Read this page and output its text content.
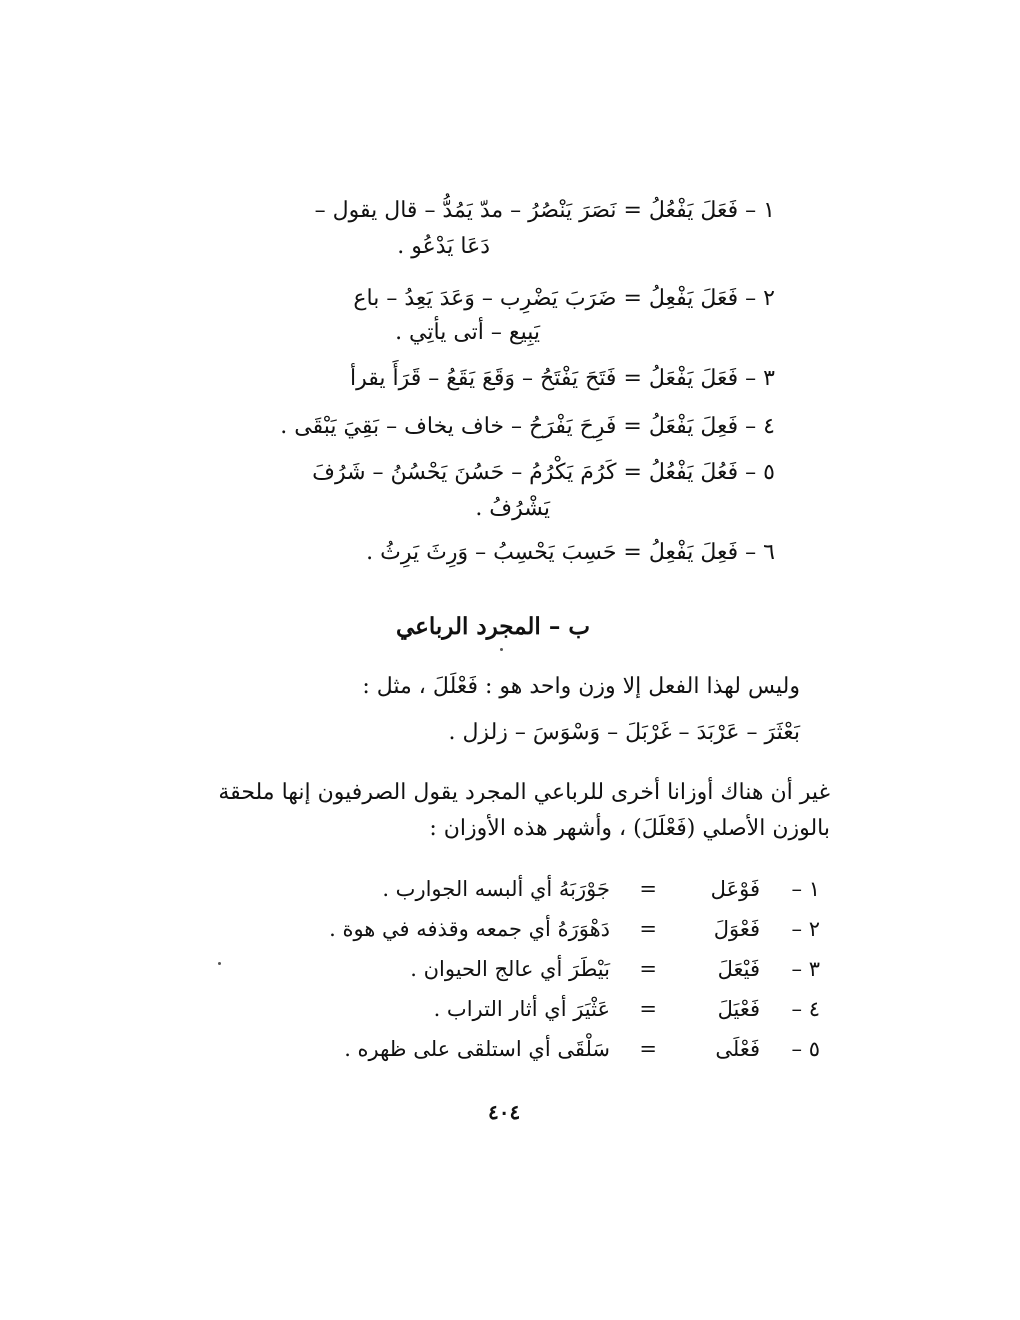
١ – فَعَلَ يَفْعُلُ = نَصَرَ يَنْصُرُ – مدّ يَمُدُّ – قال يقول –
دَعَا يَدْعُو .
٢ – فَعَلَ يَفْعِلُ = ضَرَبَ يَضْرِب – وَعَدَ يَعِدُ – باع
يَبِيع – أتى يأتِي .
٣ – فَعَلَ يَفْعَلُ = فَتَحَ يَفْتَحُ – وَقَعَ يَقَعُ – قَرَأَ يقرأ
٤ – فَعِلَ يَفْعَلُ = فَرِحَ يَفْرَحُ – خاف يخاف – بَقِيَ يَبْقَى .
٥ – فَعُلَ يَفْعُلُ = كَرُمَ يَكْرُمُ – حَسُنَ يَحْسُنُ – شَرُفَ
يَشْرُفُ .
٦ – فَعِلَ يَفْعِلُ = حَسِبَ يَحْسِبُ – وَرِثَ يَرِثُ .
ب – المجرد الرباعي
وليس لهذا الفعل إلا وزن واحد هو : فَعْلَلَ ، مثل :
بَعْثَرَ – عَرْبَدَ – غَرْبَلَ – وَسْوَسَ – زلزل .
غير أن هناك أوزانا أخرى للرباعي المجرد يقول الصرفيون إنها ملحقة
بالوزن الأصلي (فَعْلَلَ) ، وأشهر هذه الأوزان :
١ –
فَوْعَل
=
جَوْرَبَهُ أي ألبسه الجوارب .
٢ –
فَعْوَلَ
=
دَهْوَرَهُ أي جمعه وقذفه في هوة .
٣ –
فَيْعَلَ
=
بَيْطَرَ أي عالج الحيوان .
٤ –
فَعْيَلَ
=
عَثْيَرَ أي أثار التراب .
٥ –
فَعْلَى
=
سَلْقَى أي استلقى على ظهره .
٤٠٤
